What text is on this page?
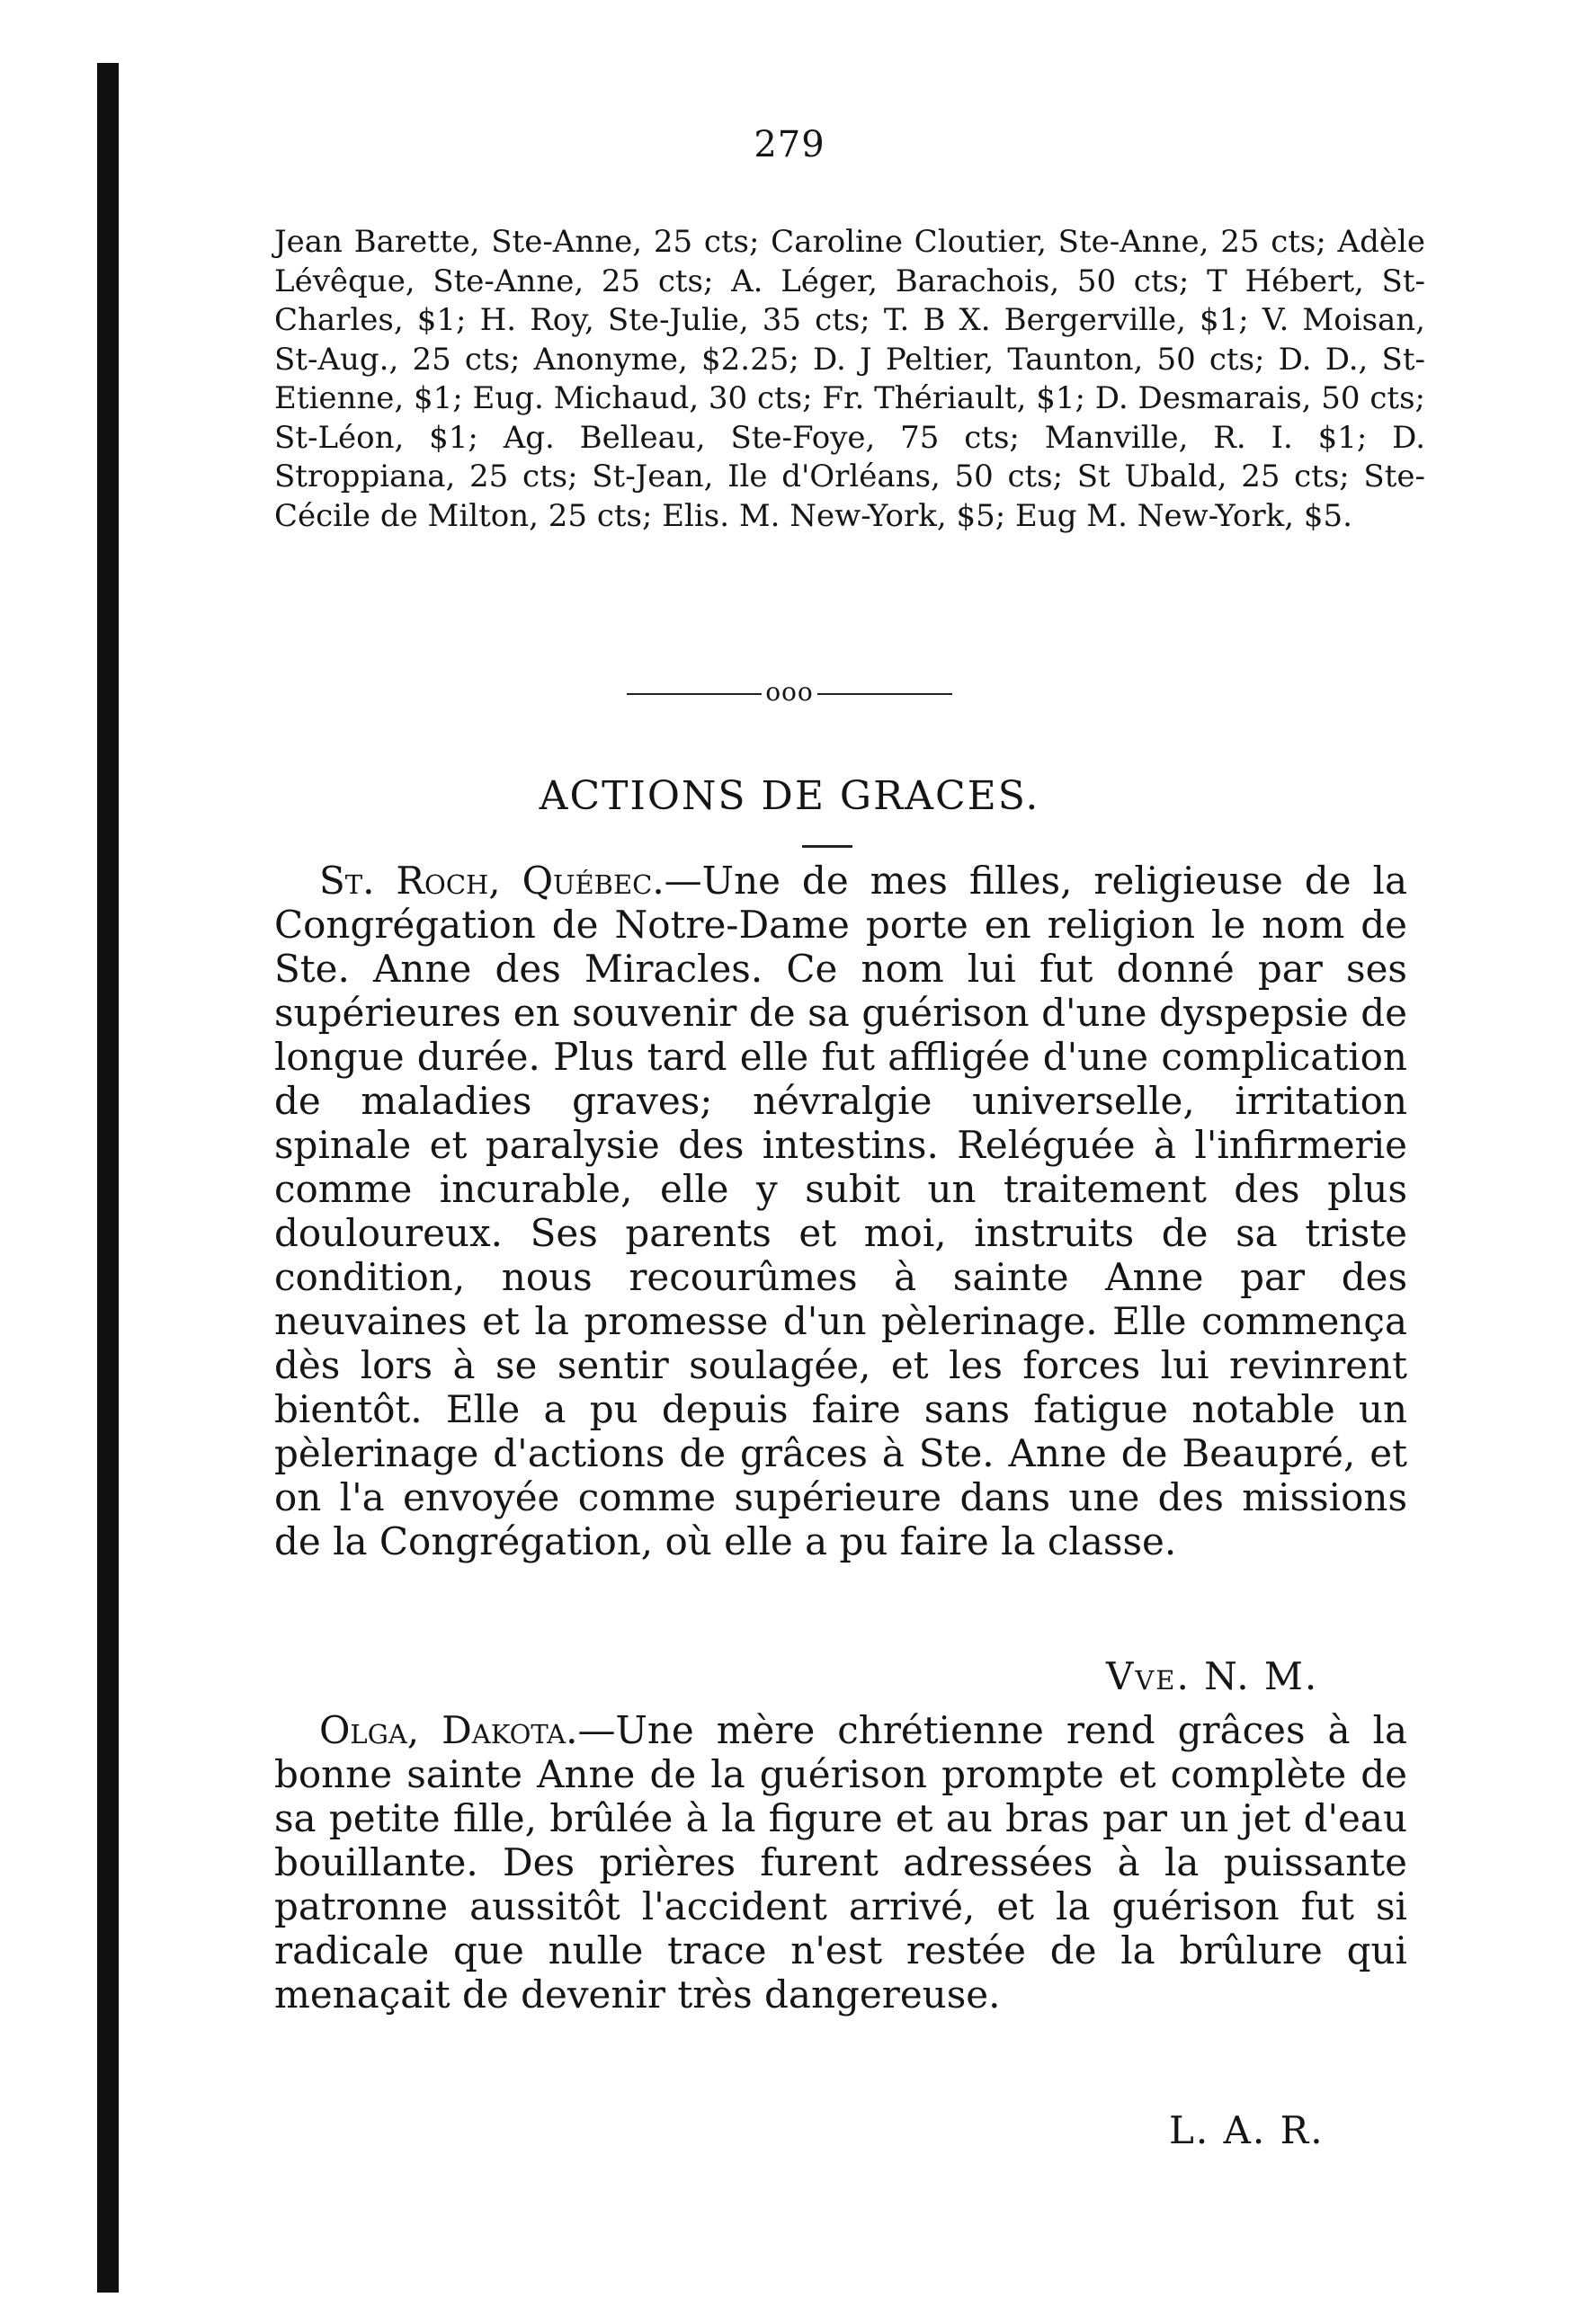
279

Jean Barette, Ste-Anne, 25 cts; Caroline Cloutier, Ste-Anne, 25 cts; Adèle Lévêque, Ste-Anne, 25 cts; A. Léger, Barachois, 50 cts; T Hébert, St-Charles, $1; H. Roy, Ste-Julie, 35 cts; T. B X. Bergerville, $1; V. Moisan, St-Aug., 25 cts; Anonyme, $2.25; D. J Peltier, Taunton, 50 cts; D. D., St-Etienne, $1; Eug. Michaud, 30 cts; Fr. Thériault, $1; D. Desmarais, 50 cts; St-Léon, $1; Ag. Belleau, Ste-Foye, 75 cts; Manville, R. I. $1; D. Stroppiana, 25 cts; St-Jean, Ile d'Orléans, 50 cts; St Ubald, 25 cts; Ste-Cécile de Milton, 25 cts; Elis. M. New-York, $5; Eug M. New-York, $5.

ooo
ACTIONS DE GRACES.

St. Roch, Québec.—Une de mes filles, religieuse de la Congrégation de Notre-Dame porte en religion le nom de Ste. Anne des Miracles. Ce nom lui fut donné par ses supérieures en souvenir de sa guérison d'une dyspepsie de longue durée. Plus tard elle fut affligée d'une complication de maladies graves; névralgie universelle, irritation spinale et paralysie des intestins. Reléguée à l'infirmerie comme incurable, elle y subit un traitement des plus douloureux. Ses parents et moi, instruits de sa triste condition, nous recourûmes à sainte Anne par des neuvaines et la promesse d'un pèlerinage. Elle commença dès lors à se sentir soulagée, et les forces lui revinrent bientôt. Elle a pu depuis faire sans fatigue notable un pèlerinage d'actions de grâces à Ste. Anne de Beaupré, et on l'a envoyée comme supérieure dans une des missions de la Congrégation, où elle a pu faire la classe.

Vve. N. M.

Olga, Dakota.—Une mère chrétienne rend grâces à la bonne sainte Anne de la guérison prompte et complète de sa petite fille, brûlée à la figure et au bras par un jet d'eau bouillante. Des prières furent adressées à la puissante patronne aussitôt l'accident arrivé, et la guérison fut si radicale que nulle trace n'est restée de la brûlure qui menaçait de devenir très dangereuse.

L. A. R.
